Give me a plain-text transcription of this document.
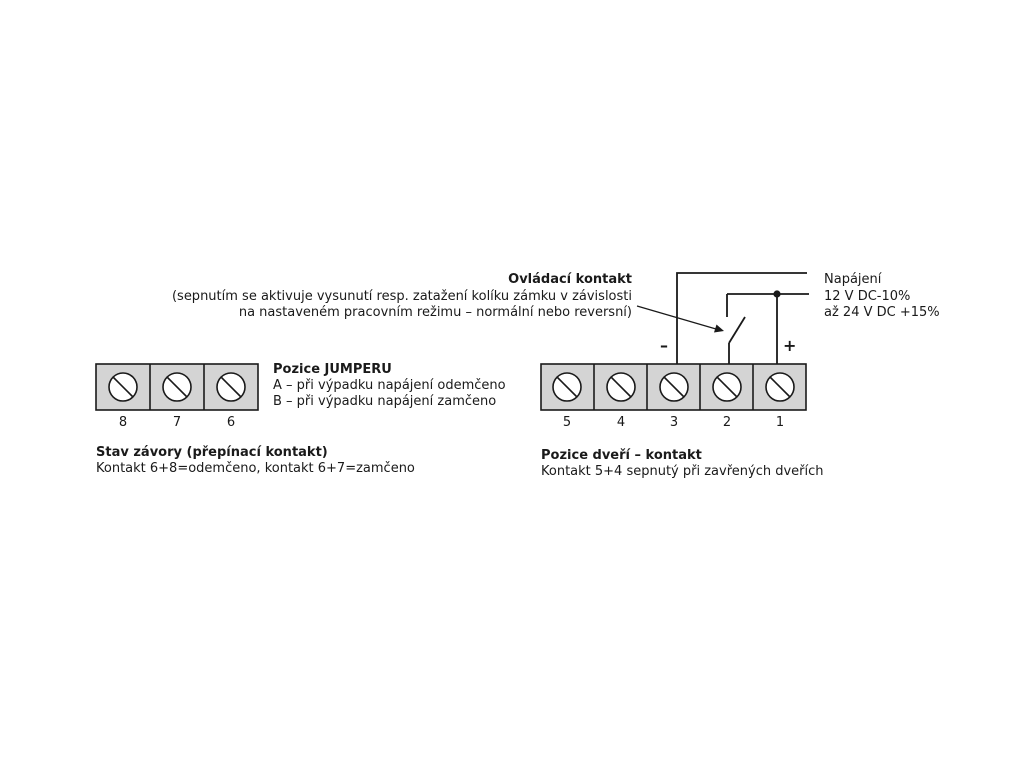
Pozice JUMPERU
A – při výpadku napájení odemčeno
B – při výpadku napájení zamčeno
8	7	6
Stav závory (přepínací kontakt)
Kontakt 6+8=odemčeno, kontakt 6+7=zamčeno
Ovládací kontakt
(sepnutím se aktivuje vysunutí resp. zatažení kolíku zámku v závislosti
na nastaveném pracovním režimu – normální nebo reversní)
Napájení
12 V DC-10%
až 24 V DC +15%
–	+
5	4	3	2	1
Pozice dveří – kontakt
Kontakt 5+4 sepnutý při zavřených dveřích
